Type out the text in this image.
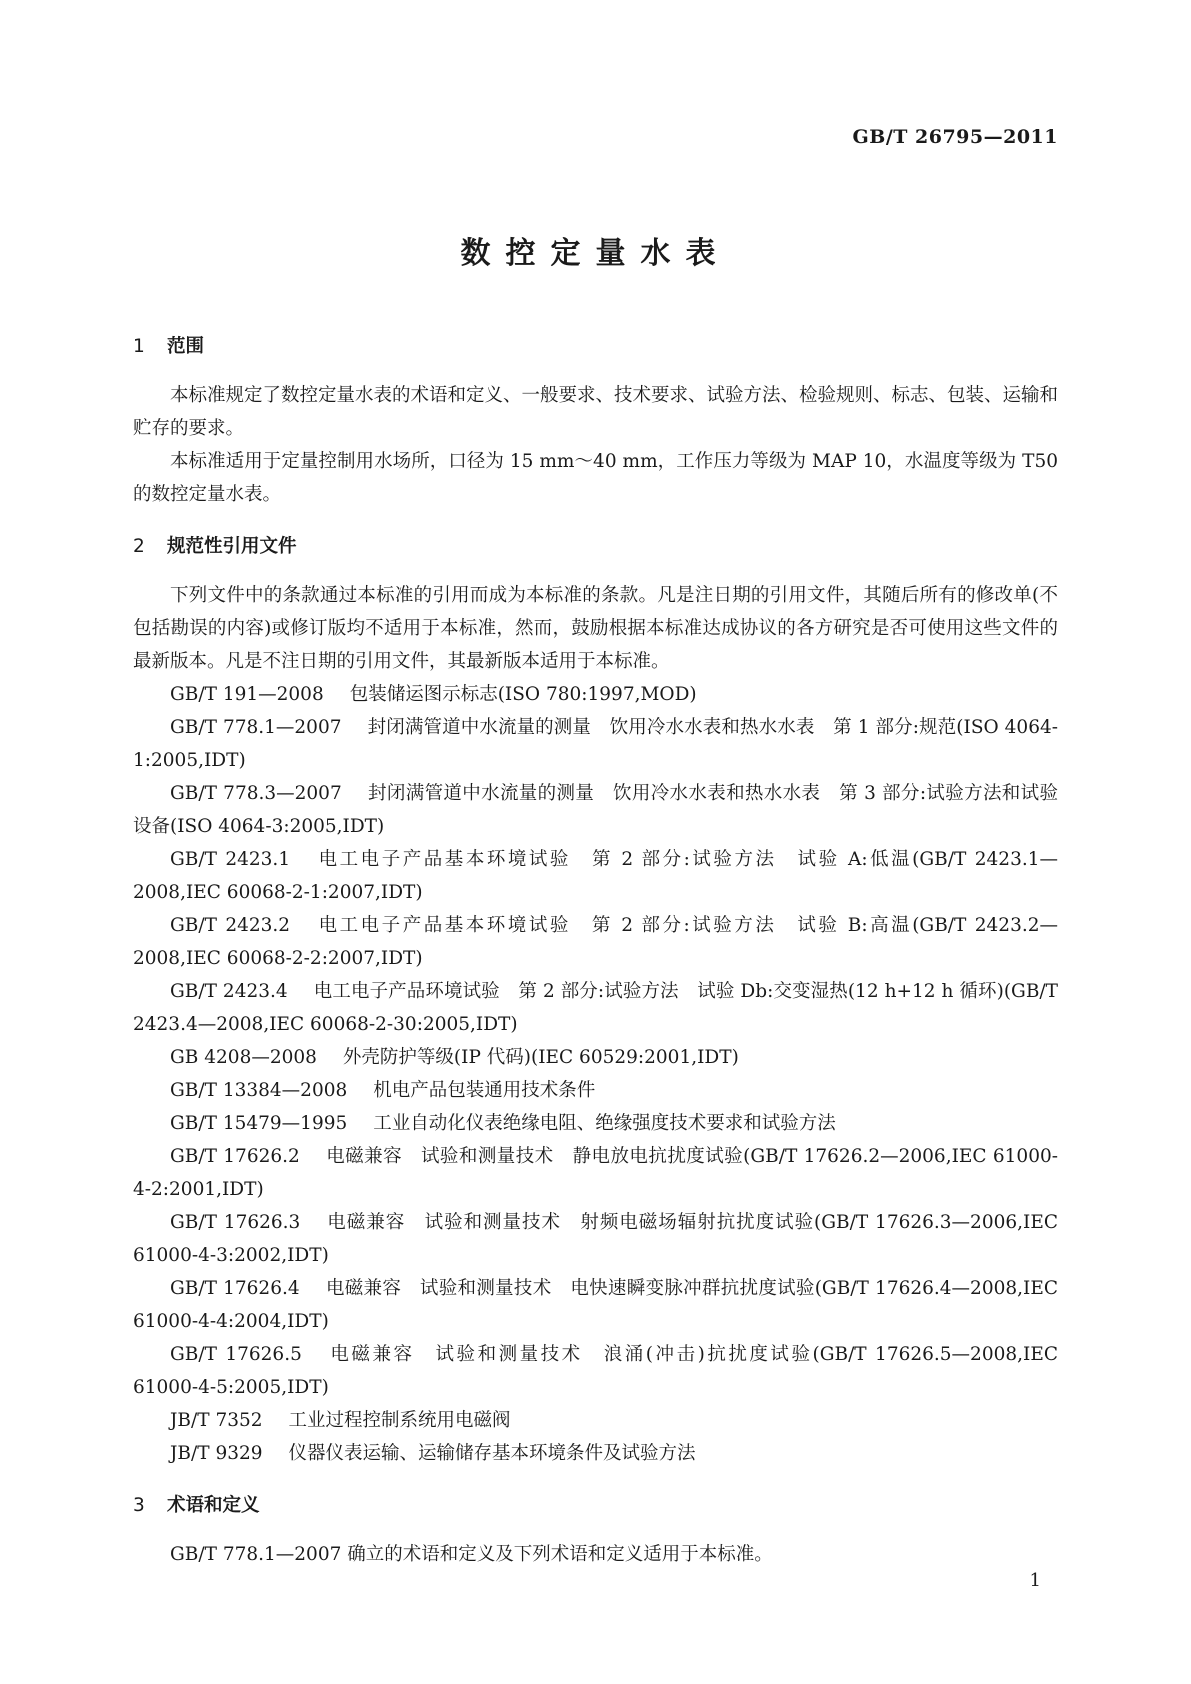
GB/T 26795—2011
数控定量水表
1 范围

本标准规定了数控定量水表的术语和定义、一般要求、技术要求、试验方法、检验规则、标志、包装、运输和贮存的要求。

本标准适用于定量控制用水场所，口径为 15 mm～40 mm，工作压力等级为 MAP 10，水温度等级为 T50 的数控定量水表。

2 规范性引用文件

下列文件中的条款通过本标准的引用而成为本标准的条款。凡是注日期的引用文件，其随后所有的修改单(不包括勘误的内容)或修订版均不适用于本标准，然而，鼓励根据本标准达成协议的各方研究是否可使用这些文件的最新版本。凡是不注日期的引用文件，其最新版本适用于本标准。

GB/T 191—2008 包装储运图示标志(ISO 780:1997,MOD)

GB/T 778.1—2007 封闭满管道中水流量的测量　饮用冷水水表和热水水表　第 1 部分:规范(ISO 4064-1:2005,IDT)

GB/T 778.3—2007 封闭满管道中水流量的测量　饮用冷水水表和热水水表　第 3 部分:试验方法和试验设备(ISO 4064-3:2005,IDT)

GB/T 2423.1 电工电子产品基本环境试验　第 2 部分:试验方法　试验 A:低温(GB/T 2423.1—2008,IEC 60068-2-1:2007,IDT)

GB/T 2423.2 电工电子产品基本环境试验　第 2 部分:试验方法　试验 B:高温(GB/T 2423.2—2008,IEC 60068-2-2:2007,IDT)

GB/T 2423.4 电工电子产品环境试验　第 2 部分:试验方法　试验 Db:交变湿热(12 h+12 h 循环)(GB/T 2423.4—2008,IEC 60068-2-30:2005,IDT)

GB 4208—2008 外壳防护等级(IP 代码)(IEC 60529:2001,IDT)

GB/T 13384—2008 机电产品包装通用技术条件

GB/T 15479—1995 工业自动化仪表绝缘电阻、绝缘强度技术要求和试验方法

GB/T 17626.2 电磁兼容　试验和测量技术　静电放电抗扰度试验(GB/T 17626.2—2006,IEC 61000-4-2:2001,IDT)

GB/T 17626.3 电磁兼容　试验和测量技术　射频电磁场辐射抗扰度试验(GB/T 17626.3—2006,IEC 61000-4-3:2002,IDT)

GB/T 17626.4 电磁兼容　试验和测量技术　电快速瞬变脉冲群抗扰度试验(GB/T 17626.4—2008,IEC 61000-4-4:2004,IDT)

GB/T 17626.5 电磁兼容　试验和测量技术　浪涌(冲击)抗扰度试验(GB/T 17626.5—2008,IEC 61000-4-5:2005,IDT)

JB/T 7352 工业过程控制系统用电磁阀

JB/T 9329 仪器仪表运输、运输储存基本环境条件及试验方法

3 术语和定义

GB/T 778.1—2007 确立的术语和定义及下列术语和定义适用于本标准。

1
